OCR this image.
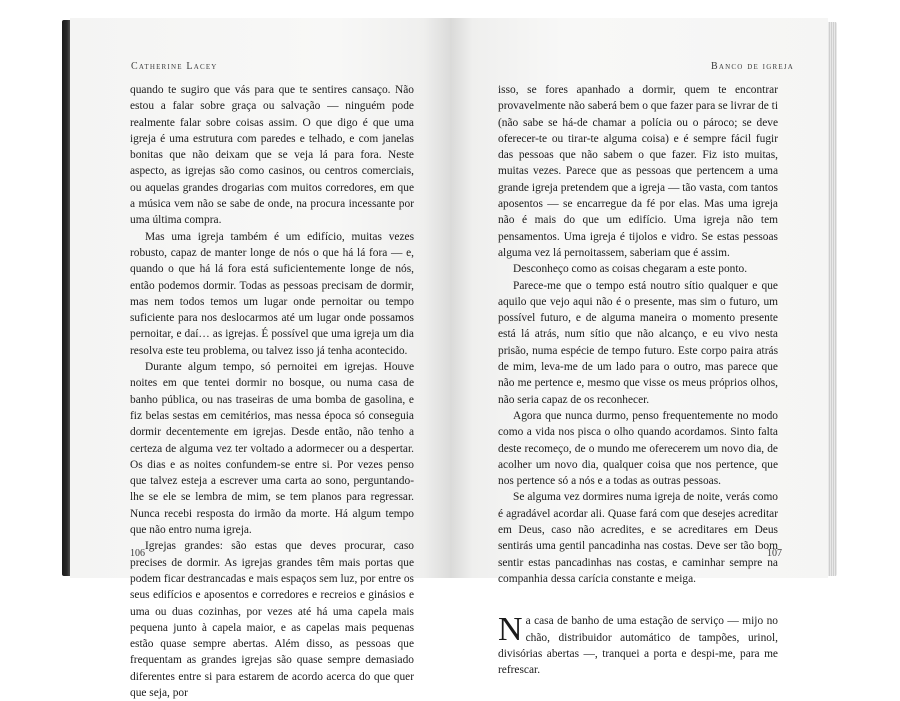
Catherine Lacey

quando te sugiro que vás para que te sentires cansaço. Não estou a falar sobre graça ou salvação — ninguém pode realmente falar sobre coisas assim. O que digo é que uma igreja é uma estrutura com paredes e telhado, e com janelas bonitas que não deixam que se veja lá para fora. Neste aspecto, as igrejas são como casinos, ou centros comerciais, ou aquelas grandes drogarias com muitos corredores, em que a música vem não se sabe de onde, na procura incessante por uma última compra.

Mas uma igreja também é um edifício, muitas vezes robusto, capaz de manter longe de nós o que há lá fora — e, quando o que há lá fora está suficientemente longe de nós, então podemos dormir. Todas as pessoas precisam de dormir, mas nem todos temos um lugar onde pernoitar ou tempo suficiente para nos deslocarmos até um lugar onde possamos pernoitar, e daí… as igrejas. É possível que uma igreja um dia resolva este teu problema, ou talvez isso já tenha acontecido.

Durante algum tempo, só pernoitei em igrejas. Houve noites em que tentei dormir no bosque, ou numa casa de banho pública, ou nas traseiras de uma bomba de gasolina, e fiz belas sestas em cemitérios, mas nessa época só conseguia dormir decentemente em igrejas. Desde então, não tenho a certeza de alguma vez ter voltado a adormecer ou a despertar. Os dias e as noites confundem-se entre si. Por vezes penso que talvez esteja a escrever uma carta ao sono, perguntando-lhe se ele se lembra de mim, se tem planos para regressar. Nunca recebi resposta do irmão da morte. Há algum tempo que não entro numa igreja.

Igrejas grandes: são estas que deves procurar, caso precises de dormir. As igrejas grandes têm mais portas que podem ficar destrancadas e mais espaços sem luz, por entre os seus edifícios e aposentos e corredores e recreios e ginásios e uma ou duas cozinhas, por vezes até há uma capela mais pequena junto à capela maior, e as capelas mais pequenas estão quase sempre abertas. Além disso, as pessoas que frequentam as grandes igrejas são quase sempre demasiado diferentes entre si para estarem de acordo acerca do que quer que seja, por

106
Banco de igreja

isso, se fores apanhado a dormir, quem te encontrar provavelmente não saberá bem o que fazer para se livrar de ti (não sabe se há-de chamar a polícia ou o pároco; se deve oferecer-te ou tirar-te alguma coisa) e é sempre fácil fugir das pessoas que não sabem o que fazer. Fiz isto muitas, muitas vezes. Parece que as pessoas que pertencem a uma grande igreja pretendem que a igreja — tão vasta, com tantos aposentos — se encarregue da fé por elas. Mas uma igreja não é mais do que um edifício. Uma igreja não tem pensamentos. Uma igreja é tijolos e vidro. Se estas pessoas alguma vez lá pernoitassem, saberiam que é assim.

Desconheço como as coisas chegaram a este ponto.

Parece-me que o tempo está noutro sítio qualquer e que aquilo que vejo aqui não é o presente, mas sim o futuro, um possível futuro, e de alguma maneira o momento presente está lá atrás, num sítio que não alcanço, e eu vivo nesta prisão, numa espécie de tempo futuro. Este corpo paira atrás de mim, leva-me de um lado para o outro, mas parece que não me pertence e, mesmo que visse os meus próprios olhos, não seria capaz de os reconhecer.

Agora que nunca durmo, penso frequentemente no modo como a vida nos pisca o olho quando acordamos. Sinto falta deste recomeço, de o mundo me oferecerem um novo dia, de acolher um novo dia, qualquer coisa que nos pertence, que nos pertence só a nós e a todas as outras pessoas.

Se alguma vez dormires numa igreja de noite, verás como é agradável acordar ali. Quase fará com que desejes acreditar em Deus, caso não acredites, e se acreditares em Deus sentirás uma gentil pancadinha nas costas. Deve ser tão bom sentir estas pancadinhas nas costas, e caminhar sempre na companhia dessa carícia constante e meiga.

Na casa de banho de uma estação de serviço — mijo no chão, distribuidor automático de tampões, urinol, divisórias abertas —, tranquei a porta e despi-me, para me refrescar.

107
